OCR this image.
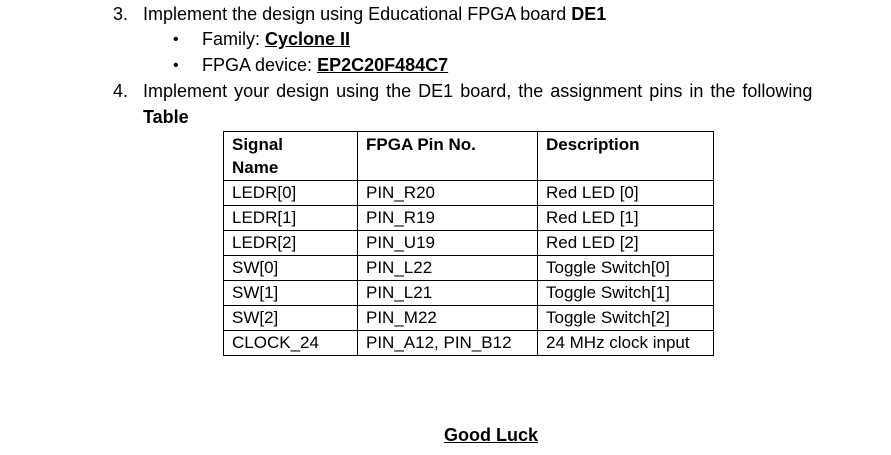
3. Implement the design using Educational FPGA board DE1
• Family: Cyclone II
• FPGA device: EP2C20F484C7
4. Implement your design using the DE1 board, the assignment pins in the following
Table
Signal
Name	FPGA Pin No.	Description
LEDR[0]	PIN_R20	Red LED [0]
LEDR[1]	PIN_R19	Red LED [1]
LEDR[2]	PIN_U19	Red LED [2]
SW[0]	PIN_L22	Toggle Switch[0]
SW[1]	PIN_L21	Toggle Switch[1]
SW[2]	PIN_M22	Toggle Switch[2]
CLOCK_24	PIN_A12, PIN_B12	24 MHz clock input
Good Luck
